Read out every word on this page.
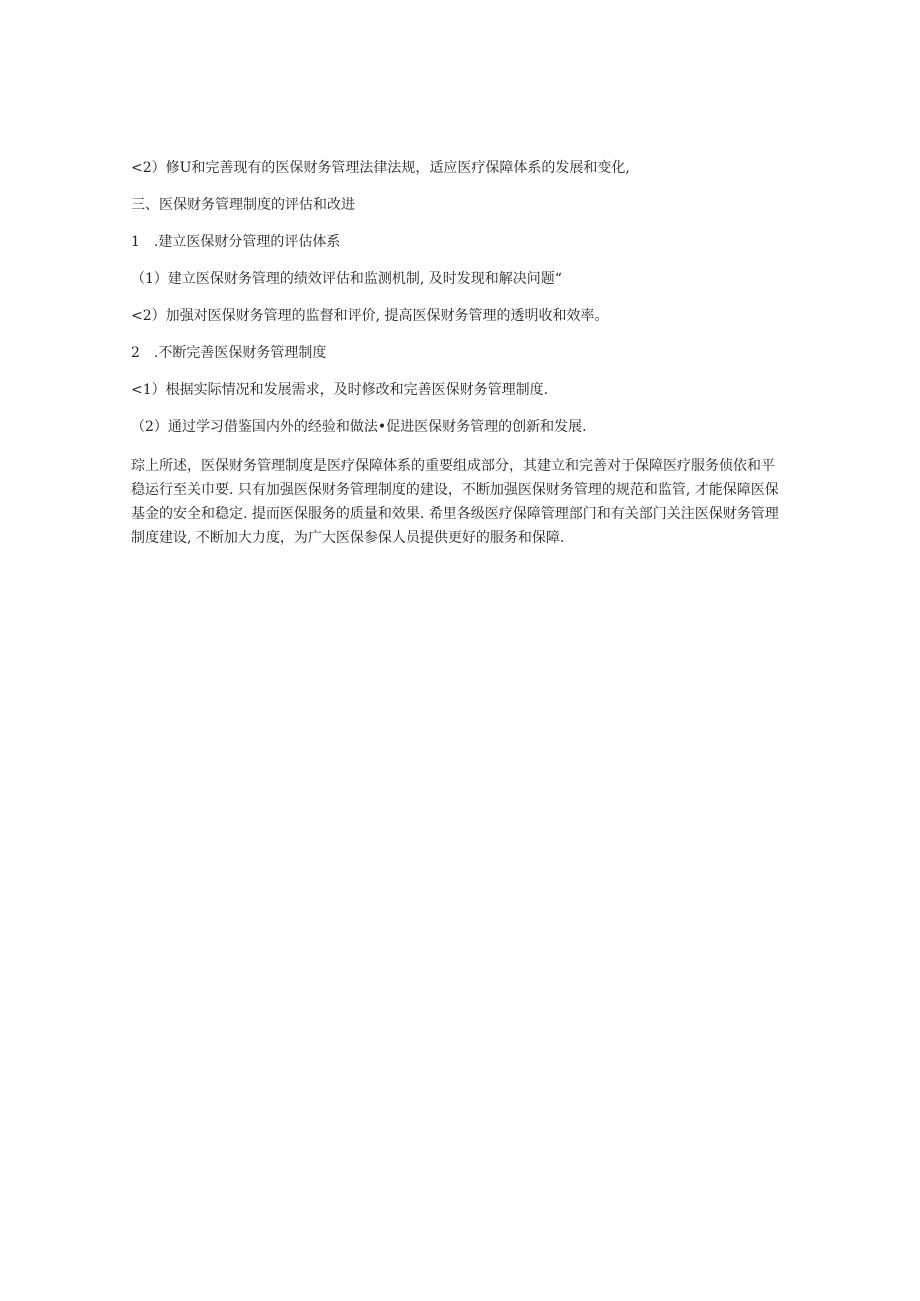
<2）修U和完善现有的医保财务管理法律法规，适应医疗保障体系的发展和变化,
三、医保财务管理制度的评估和改进
1　.建立医保财分管理的评估体系
（1）建立医保财务管理的绩效评估和监测机制, 及时发现和解决问题“
<2）加强对医保财务管理的监督和评价, 提高医保财务管理的透明收和效率。
2　.不断完善医保财务管理制度
<1）根据实际情况和发展需求，及时修改和完善医保财务管理制度.
（2）通过学习借鉴国内外的经验和做法•促进医保财务管理的创新和发展.
琮上所述，医保财务管理制度是医疗保障体系的重要组成部分，其建立和完善对于保障医疗服务侦依和平稳运行至关巾要. 只有加强医保财务管理制度的建设，不断加强医保财务管理的规范和监管, 才能保障医保基金的安全和稳定. 提而医保服务的质量和效果. 希里各级医疗保障管理部门和有关部门关注医保财务管理制度建设, 不断加大力度，为广大医保参保人员提供更好的服务和保障.
